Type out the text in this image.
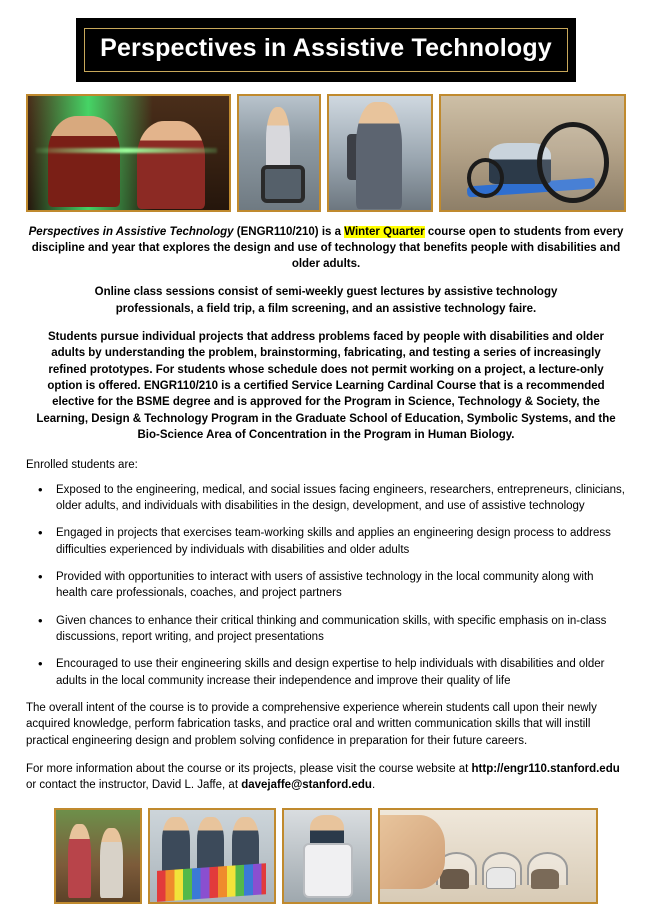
Perspectives in Assistive Technology

Perspectives in Assistive Technology (ENGR110/210) is a Winter Quarter course open to students from every discipline and year that explores the design and use of technology that benefits people with disabilities and older adults.

Online class sessions consist of semi-weekly guest lectures by assistive technology professionals, a field trip, a film screening, and an assistive technology faire.

Students pursue individual projects that address problems faced by people with disabilities and older adults by understanding the problem, brainstorming, fabricating, and testing a series of increasingly refined prototypes. For students whose schedule does not permit working on a project, a lecture-only option is offered. ENGR110/210 is a certified Service Learning Cardinal Course that is a recommended elective for the BSME degree and is approved for the Program in Science, Technology & Society, the Learning, Design & Technology Program in the Graduate School of Education, Symbolic Systems, and the Bio-Science Area of Concentration in the Program in Human Biology.

Enrolled students are:

• Exposed to the engineering, medical, and social issues facing engineers, researchers, entrepreneurs, clinicians, older adults, and individuals with disabilities in the design, development, and use of assistive technology
• Engaged in projects that exercises team-working skills and applies an engineering design process to address difficulties experienced by individuals with disabilities and older adults
• Provided with opportunities to interact with users of assistive technology in the local community along with health care professionals, coaches, and project partners
• Given chances to enhance their critical thinking and communication skills, with specific emphasis on in-class discussions, report writing, and project presentations
• Encouraged to use their engineering skills and design expertise to help individuals with disabilities and older adults in the local community increase their independence and improve their quality of life

The overall intent of the course is to provide a comprehensive experience wherein students call upon their newly acquired knowledge, perform fabrication tasks, and practice oral and written communication skills that will instill practical engineering design and problem solving confidence in preparation for their future careers.

For more information about the course or its projects, please visit the course website at http://engr110.stanford.edu or contact the instructor, David L. Jaffe, at davejaffe@stanford.edu.
